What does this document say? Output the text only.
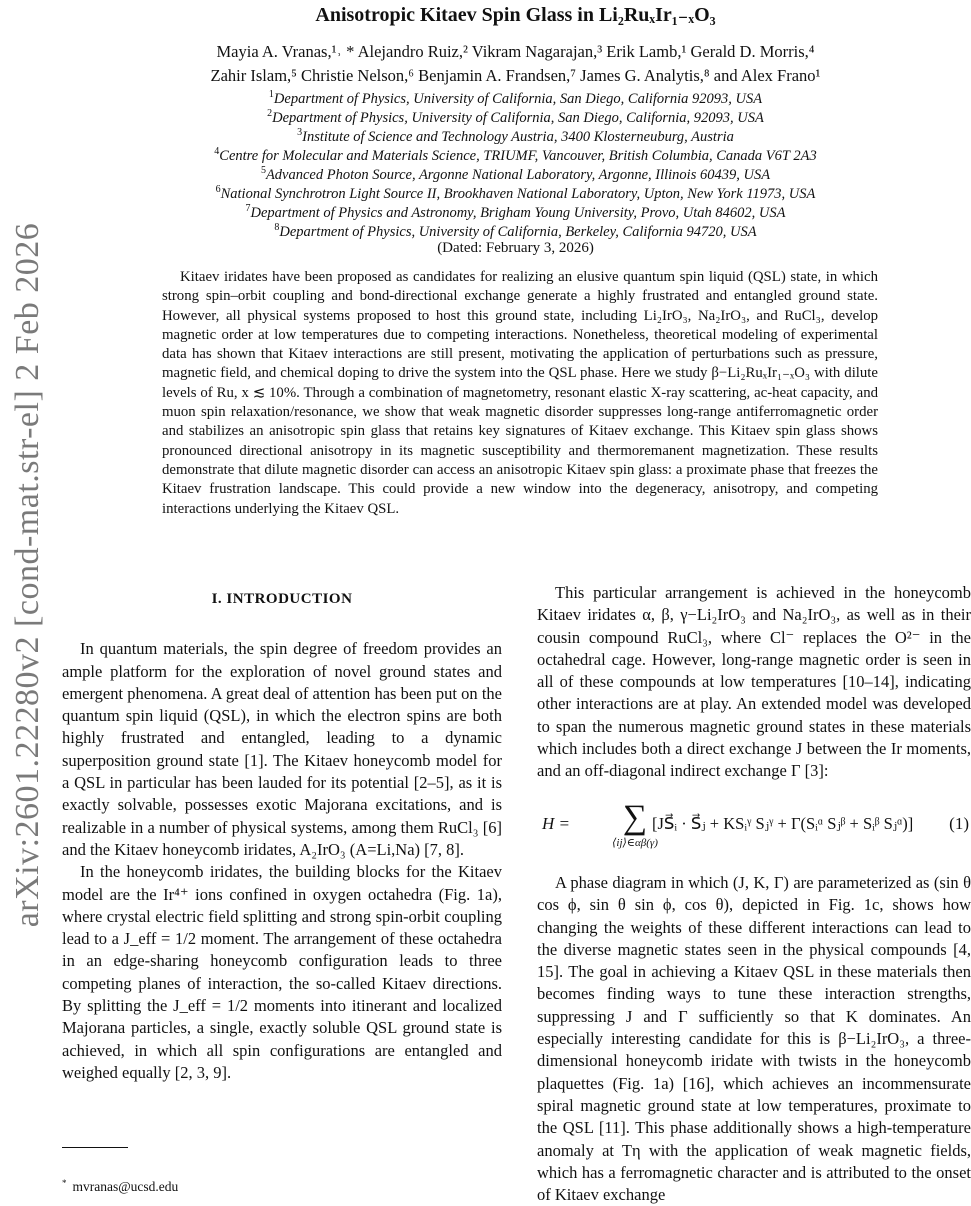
arXiv:2601.22280v2 [cond-mat.str-el] 2 Feb 2026
Anisotropic Kitaev Spin Glass in Li₂RuₓIr₁₋ₓO₃
Mayia A. Vranas,¹˒ * Alejandro Ruiz,² Vikram Nagarajan,³ Erik Lamb,¹ Gerald D. Morris,⁴
Zahir Islam,⁵ Christie Nelson,⁶ Benjamin A. Frandsen,⁷ James G. Analytis,⁸ and Alex Frano¹
$^1$Department of Physics, University of California, San Diego, California 92093, USA
$^2$Department of Physics, University of California, San Diego, California, 92093, USA
$^3$Institute of Science and Technology Austria, 3400 Klosterneuburg, Austria
$^4$Centre for Molecular and Materials Science, TRIUMF, Vancouver, British Columbia, Canada V6T 2A3
$^5$Advanced Photon Source, Argonne National Laboratory, Argonne, Illinois 60439, USA
$^6$National Synchrotron Light Source II, Brookhaven National Laboratory, Upton, New York 11973, USA
$^7$Department of Physics and Astronomy, Brigham Young University, Provo, Utah 84602, USA
$^8$Department of Physics, University of California, Berkeley, California 94720, USA
(Dated: February 3, 2026)
Kitaev iridates have been proposed as candidates for realizing an elusive quantum spin liquid (QSL) state, in which strong spin–orbit coupling and bond-directional exchange generate a highly frustrated and entangled ground state. However, all physical systems proposed to host this ground state, including Li₂IrO₃, Na₂IrO₃, and RuCl₃, develop magnetic order at low temperatures due to competing interactions. Nonetheless, theoretical modeling of experimental data has shown that Kitaev interactions are still present, motivating the application of perturbations such as pressure, magnetic field, and chemical doping to drive the system into the QSL phase. Here we study β−Li₂RuₓIr₁₋ₓO₃ with dilute levels of Ru, x ≲ 10%. Through a combination of magnetometry, resonant elastic X-ray scattering, ac-heat capacity, and muon spin relaxation/resonance, we show that weak magnetic disorder suppresses long-range antiferromagnetic order and stabilizes an anisotropic spin glass that retains key signatures of Kitaev exchange. This Kitaev spin glass shows pronounced directional anisotropy in its magnetic susceptibility and thermoremanent magnetization. These results demonstrate that dilute magnetic disorder can access an anisotropic Kitaev spin glass: a proximate phase that freezes the Kitaev frustration landscape. This could provide a new window into the degeneracy, anisotropy, and competing interactions underlying the Kitaev QSL.

I. INTRODUCTION

In quantum materials, the spin degree of freedom provides an ample platform for the exploration of novel ground states and emergent phenomena. A great deal of attention has been put on the quantum spin liquid (QSL), in which the electron spins are both highly frustrated and entangled, leading to a dynamic superposition ground state [1]. The Kitaev honeycomb model for a QSL in particular has been lauded for its potential [2–5], as it is exactly solvable, possesses exotic Majorana excitations, and is realizable in a number of physical systems, among them RuCl₃ [6] and the Kitaev honeycomb iridates, A₂IrO₃ (A=Li,Na) [7, 8].

In the honeycomb iridates, the building blocks for the Kitaev model are the Ir⁴⁺ ions confined in oxygen octahedra (Fig. 1a), where crystal electric field splitting and strong spin-orbit coupling lead to a J_eff = 1/2 moment. The arrangement of these octahedra in an edge-sharing honeycomb configuration leads to three competing planes of interaction, the so-called Kitaev directions. By splitting the J_eff = 1/2 moments into itinerant and localized Majorana particles, a single, exactly soluble QSL ground state is achieved, in which all spin configurations are entangled and weighed equally [2, 3, 9].

This particular arrangement is achieved in the honeycomb Kitaev iridates α, β, γ−Li₂IrO₃ and Na₂IrO₃, as well as in their cousin compound RuCl₃, where Cl⁻ replaces the O²⁻ in the octahedral cage. However, long-range magnetic order is seen in all of these compounds at low temperatures [10–14], indicating other interactions are at play. An extended model was developed to span the numerous magnetic ground states in these materials which includes both a direct exchange J between the Ir moments, and an off-diagonal indirect exchange Γ [3]:

H =	∑
⟨ij⟩∈αβ(γ)
[JS⃗ᵢ · S⃗ⱼ + KSᵢᵞ Sⱼᵞ + Γ(Sᵢᵅ Sⱼᵝ + Sᵢᵝ Sⱼᵅ)] (1)

A phase diagram in which (J, K, Γ) are parameterized as (sin θ cos ϕ, sin θ sin ϕ, cos θ), depicted in Fig. 1c, shows how changing the weights of these different interactions can lead to the diverse magnetic states seen in the physical compounds [4, 15]. The goal in achieving a Kitaev QSL in these materials then becomes finding ways to tune these interaction strengths, suppressing J and Γ sufficiently so that K dominates. An especially interesting candidate for this is β−Li₂IrO₃, a three-dimensional honeycomb iridate with twists in the honeycomb plaquettes (Fig. 1a) [16], which achieves an incommensurate spiral magnetic ground state at low temperatures, proximate to the QSL [11]. This phase additionally shows a high-temperature anomaly at Tη with the application of weak magnetic fields, which has a ferromagnetic character and is attributed to the onset of Kitaev exchange

* mvranas@ucsd.edu
